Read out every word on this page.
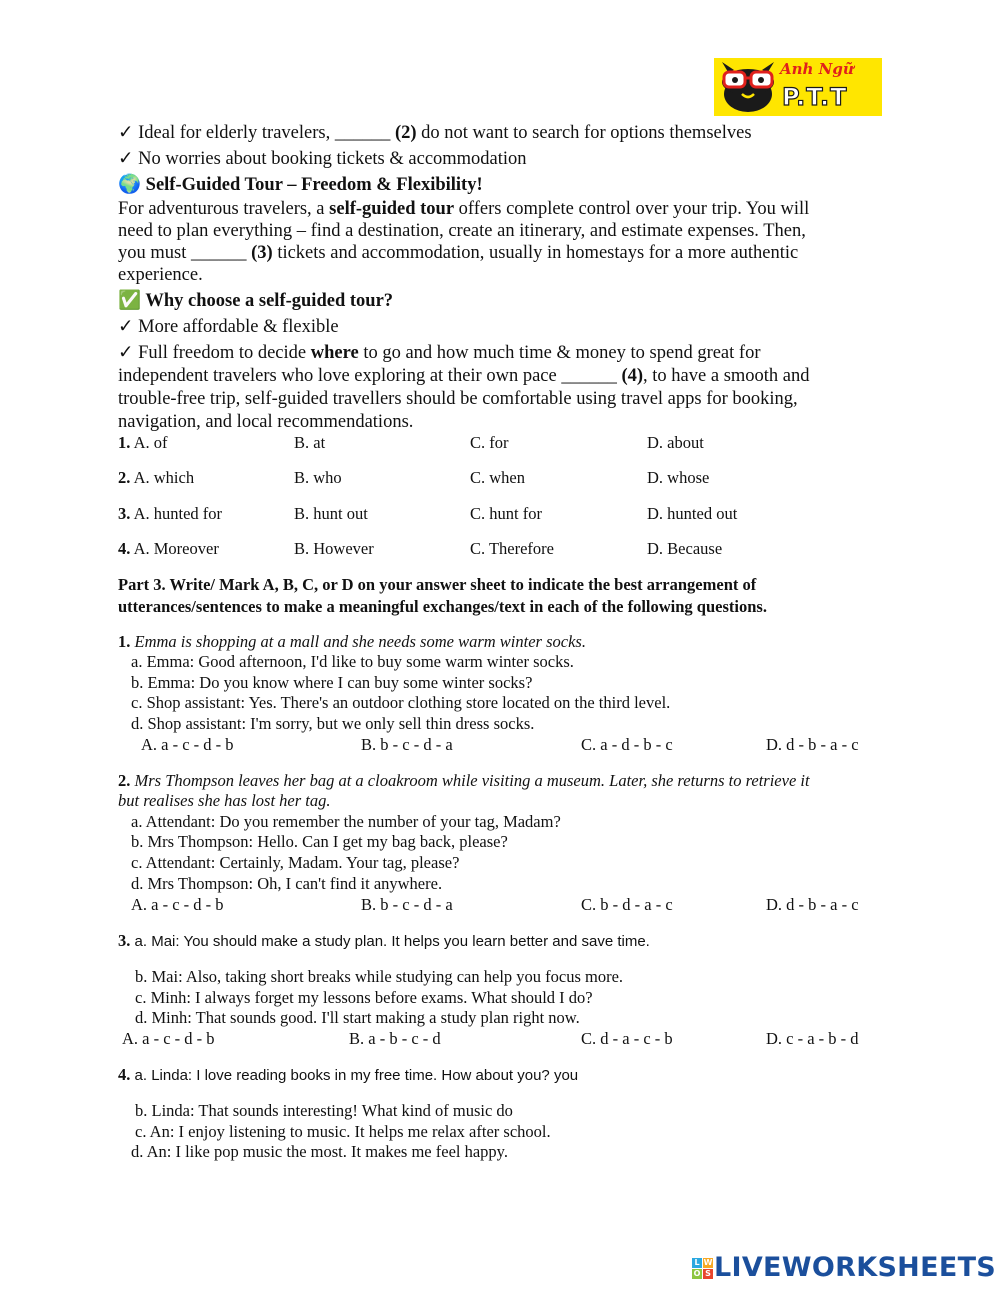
Anh Ngữ
P.T.T
✓ Ideal for elderly travelers, ______ (2) do not want to search for options themselves
✓ No worries about booking tickets & accommodation
🌍 Self-Guided Tour – Freedom & Flexibility!
For adventurous travelers, a self-guided tour offers complete control over your trip. You will
need to plan everything – find a destination, create an itinerary, and estimate expenses. Then,
you must ______ (3) tickets and accommodation, usually in homestays for a more authentic
experience.
✅ Why choose a self-guided tour?
✓ More affordable & flexible
✓ Full freedom to decide where to go and how much time & money to spend great for
independent travelers who love exploring at their own pace ______ (4), to have a smooth and
trouble-free trip, self-guided travellers should be comfortable using travel apps for booking,
navigation, and local recommendations.
1. A. of	B. at	C. for	D. about
2. A. which	B. who	C. when	D. whose
3. A. hunted for	B. hunt out	C. hunt for	D. hunted out
4. A. Moreover	B. However	C. Therefore	D. Because
Part 3. Write/ Mark A, B, C, or D on your answer sheet to indicate the best arrangement of
utterances/sentences to make a meaningful exchanges/text in each of the following questions.
1. Emma is shopping at a mall and she needs some warm winter socks.
a. Emma: Good afternoon, I'd like to buy some warm winter socks.
b. Emma: Do you know where I can buy some winter socks?
c. Shop assistant: Yes. There's an outdoor clothing store located on the third level.
d. Shop assistant: I'm sorry, but we only sell thin dress socks.
A. a - c - d - b	B. b - c - d - a	C. a - d - b - c	D. d - b - a - c
2. Mrs Thompson leaves her bag at a cloakroom while visiting a museum. Later, she returns to retrieve it
but realises she has lost her tag.
a. Attendant: Do you remember the number of your tag, Madam?
b. Mrs Thompson: Hello. Can I get my bag back, please?
c. Attendant: Certainly, Madam. Your tag, please?
d. Mrs Thompson: Oh, I can't find it anywhere.
A. a - c - d - b	B. b - c - d - a	C. b - d - a - c	D. d - b - a - c
3. a. Mai: You should make a study plan. It helps you learn better and save time.
b. Mai: Also, taking short breaks while studying can help you focus more.
c. Minh: I always forget my lessons before exams. What should I do?
d. Minh: That sounds good. I'll start making a study plan right now.
A. a - c - d - b	B. a - b - c - d	C. d - a - c - b	D. c - a - b - d
4. a. Linda: I love reading books in my free time. How about you? you
b. Linda: That sounds interesting! What kind of music do
c. An: I enjoy listening to music. It helps me relax after school.
d. An: I like pop music the most. It makes me feel happy.
L W
O S LIVEWORKSHEETS
